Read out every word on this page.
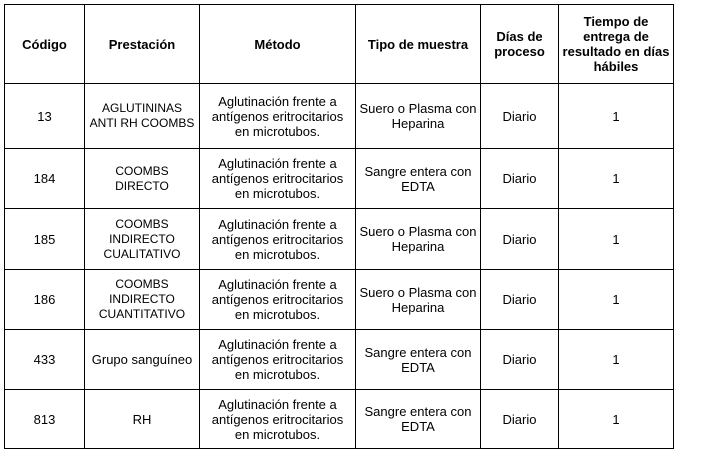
Código	Prestación	Método	Tipo de muestra	Días de proceso	Tiempo de entrega de resultado en días hábiles
13	AGLUTININAS ANTI RH COOMBS	Aglutinación frente a antígenos eritrocitarios en microtubos.	Suero o Plasma con Heparina	Diario	1
184	COOMBS DIRECTO	Aglutinación frente a antígenos eritrocitarios en microtubos.	Sangre entera con EDTA	Diario	1
185	COOMBS INDIRECTO CUALITATIVO	Aglutinación frente a antígenos eritrocitarios en microtubos.	Suero o Plasma con Heparina	Diario	1
186	COOMBS INDIRECTO CUANTITATIVO	Aglutinación frente a antígenos eritrocitarios en microtubos.	Suero o Plasma con Heparina	Diario	1
433	Grupo sanguíneo	Aglutinación frente a antígenos eritrocitarios en microtubos.	Sangre entera con EDTA	Diario	1
813	RH	Aglutinación frente a antígenos eritrocitarios en microtubos.	Sangre entera con EDTA	Diario	1
